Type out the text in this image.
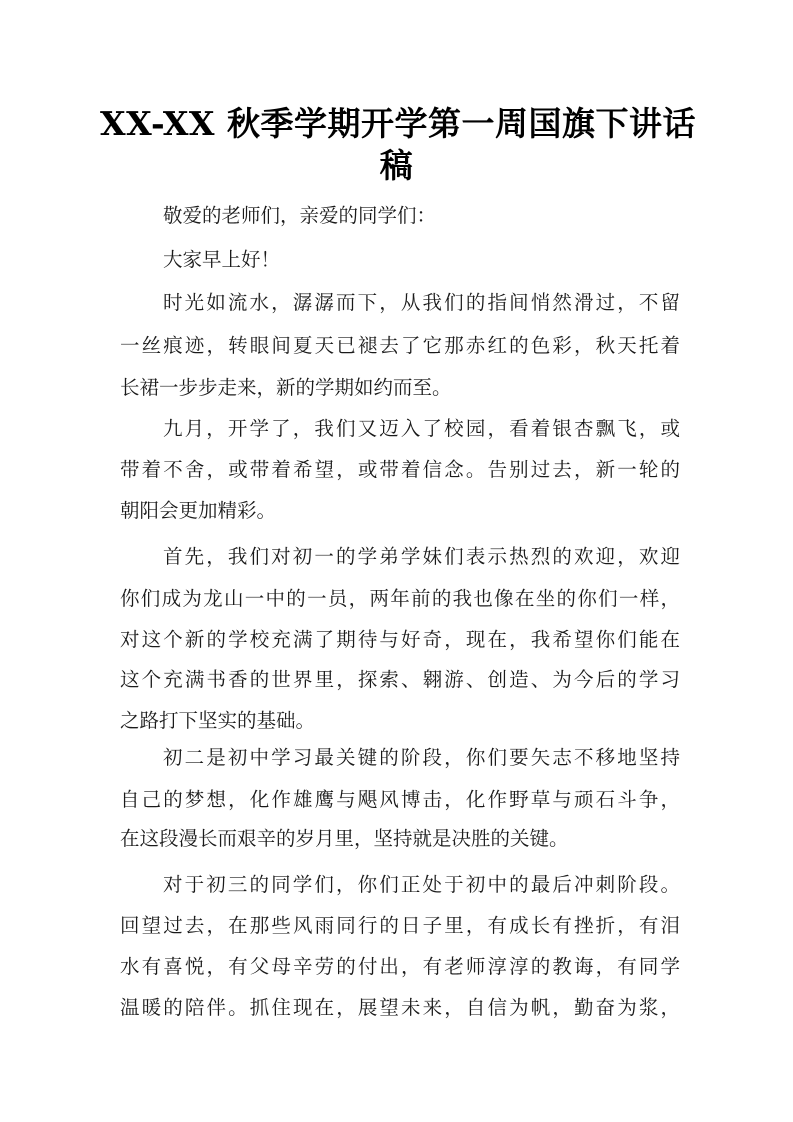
XX-XX 秋季学期开学第一周国旗下讲话
稿
敬爱的老师们，亲爱的同学们：
大家早上好！
时光如流水，潺潺而下，从我们的指间悄然滑过，不留
一丝痕迹，转眼间夏天已褪去了它那赤红的色彩，秋天托着
长裙一步步走来，新的学期如约而至。
九月，开学了，我们又迈入了校园，看着银杏飘飞，或
带着不舍，或带着希望，或带着信念。告别过去，新一轮的
朝阳会更加精彩。
首先，我们对初一的学弟学妹们表示热烈的欢迎，欢迎
你们成为龙山一中的一员，两年前的我也像在坐的你们一样，
对这个新的学校充满了期待与好奇，现在，我希望你们能在
这个充满书香的世界里，探索、翱游、创造、为今后的学习
之路打下坚实的基础。
初二是初中学习最关键的阶段，你们要矢志不移地坚持
自己的梦想，化作雄鹰与飓风博击，化作野草与顽石斗争，
在这段漫长而艰辛的岁月里，坚持就是决胜的关键。
对于初三的同学们，你们正处于初中的最后冲刺阶段。
回望过去，在那些风雨同行的日子里，有成长有挫折，有泪
水有喜悦，有父母辛劳的付出，有老师淳淳的教诲，有同学
温暖的陪伴。抓住现在，展望未来，自信为帆，勤奋为浆，
